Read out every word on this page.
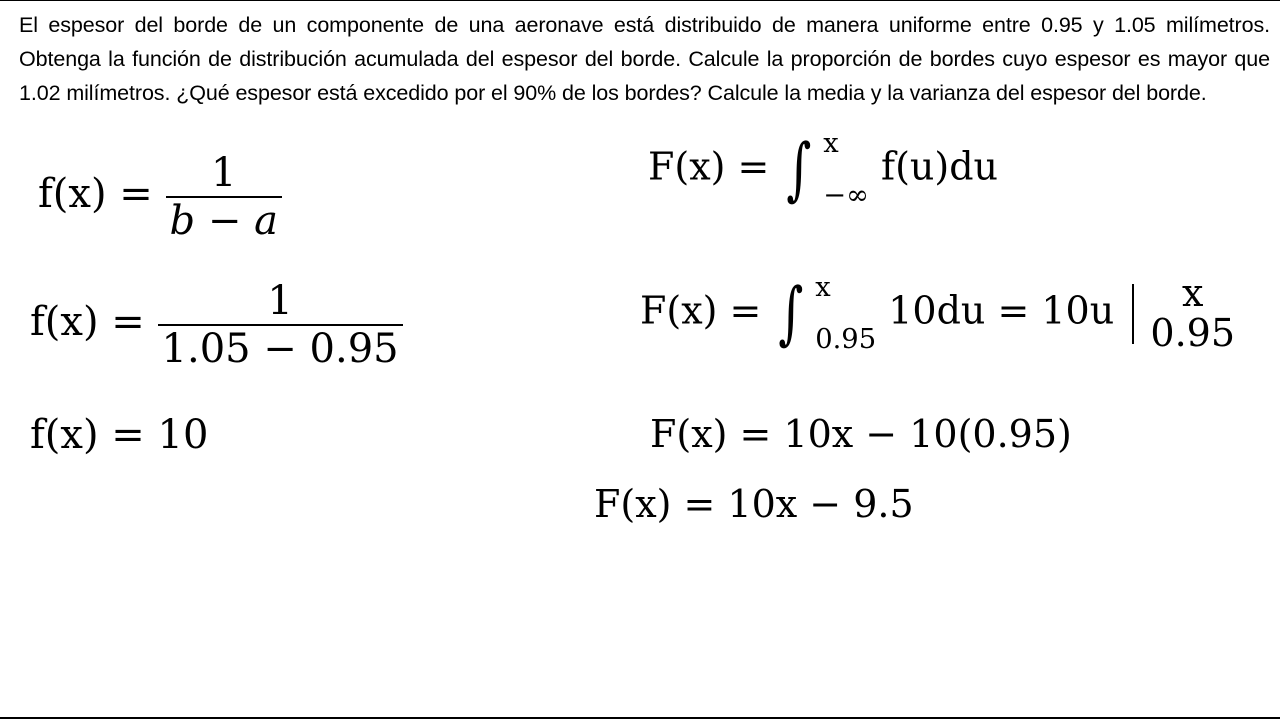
El espesor del borde de un componente de una aeronave está distribuido de manera uniforme entre 0.95 y 1.05 milímetros. Obtenga la función de distribución acumulada del espesor del borde. Calcule la proporción de bordes cuyo espesor es mayor que 1.02 milímetros. ¿Qué espesor está excedido por el 90% de los bordes? Calcule la media y la varianza del espesor del borde.

$f(x) = \frac{1}{b - a}$
$f(x) = \frac{1}{1.05 - 0.95}$
f(x) = 10
F(x) = ∫ x
−∞
f(u)du
F(x) = ∫ x
0.95
10du = 10u	x
0.95
F(x) = 10x − 10(0.95)
F(x) = 10x − 9.5
